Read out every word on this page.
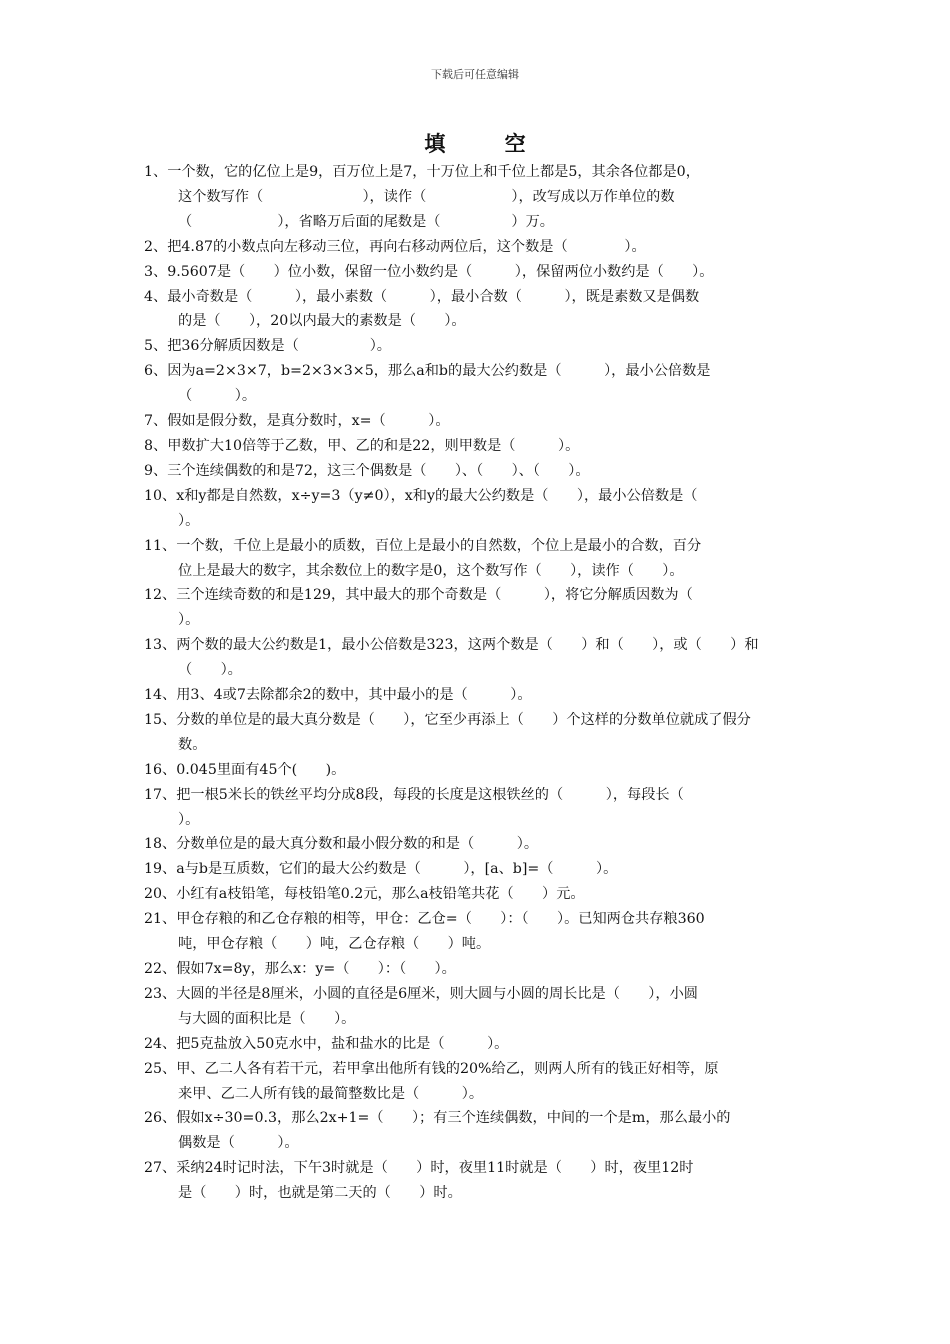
下载后可任意编辑
填 空
1、一个数，它的亿位上是9，百万位上是7，十万位上和千位上都是5，其余各位都是0，
这个数写作（　　　　　　　），读作（　　　　　　），改写成以万作单位的数
（　　　　　　），省略万后面的尾数是（　　　　　）万。
2、把4.87的小数点向左移动三位，再向右移动两位后，这个数是（　　　　）。
3、9.5607是（　　）位小数，保留一位小数约是（　　　），保留两位小数约是（　　）。
4、最小奇数是（　　　），最小素数（　　　），最小合数（　　　），既是素数又是偶数
的是（　　），20以内最大的素数是（　　）。
5、把36分解质因数是（　　　　　）。
6、因为a=2×3×7，b=2×3×3×5，那么a和b的最大公约数是（　　　），最小公倍数是
（　　　）。
7、假如是假分数，是真分数时，x=（　　　）。
8、甲数扩大10倍等于乙数，甲、乙的和是22，则甲数是（　　　）。
9、三个连续偶数的和是72，这三个偶数是（　　）、（　　）、（　　）。
10、x和y都是自然数，x÷y=3（y≠0），x和y的最大公约数是（　　），最小公倍数是（
）。
11、一个数，千位上是最小的质数，百位上是最小的自然数，个位上是最小的合数，百分
位上是最大的数字，其余数位上的数字是0，这个数写作（　　），读作（　　）。
12、三个连续奇数的和是129，其中最大的那个奇数是（　　　），将它分解质因数为（
）。
13、两个数的最大公约数是1，最小公倍数是323，这两个数是（　　）和（　　），或（　　）和
（　　）。
14、用3、4或7去除都余2的数中，其中最小的是（　　　）。
15、分数的单位是的最大真分数是（　　），它至少再添上（　　）个这样的分数单位就成了假分
数。
16、0.045里面有45个(　　)。
17、把一根5米长的铁丝平均分成8段，每段的长度是这根铁丝的（　　　），每段长（
）。
18、分数单位是的最大真分数和最小假分数的和是（　　　）。
19、a与b是互质数，它们的最大公约数是（　　　），[a、b]=（　　　）。
20、小红有a枝铅笔，每枝铅笔0.2元，那么a枝铅笔共花（　　）元。
21、甲仓存粮的和乙仓存粮的相等，甲仓：乙仓=（　　）：（　　）。已知两仓共存粮360
吨，甲仓存粮（　　）吨，乙仓存粮（　　）吨。
22、假如7x=8y，那么x：y=（　　）：（　　）。
23、大圆的半径是8厘米，小圆的直径是6厘米，则大圆与小圆的周长比是（　　），小圆
与大圆的面积比是（　　）。
24、把5克盐放入50克水中，盐和盐水的比是（　　　）。
25、甲、乙二人各有若干元，若甲拿出他所有钱的20%给乙，则两人所有的钱正好相等，原
来甲、乙二人所有钱的最简整数比是（　　　）。
26、假如x÷30=0.3，那么2x+1=（　　）；有三个连续偶数，中间的一个是m，那么最小的
偶数是（　　　）。
27、采纳24时记时法，下午3时就是（　　）时，夜里11时就是（　　）时，夜里12时
是（　　）时，也就是第二天的（　　）时。
